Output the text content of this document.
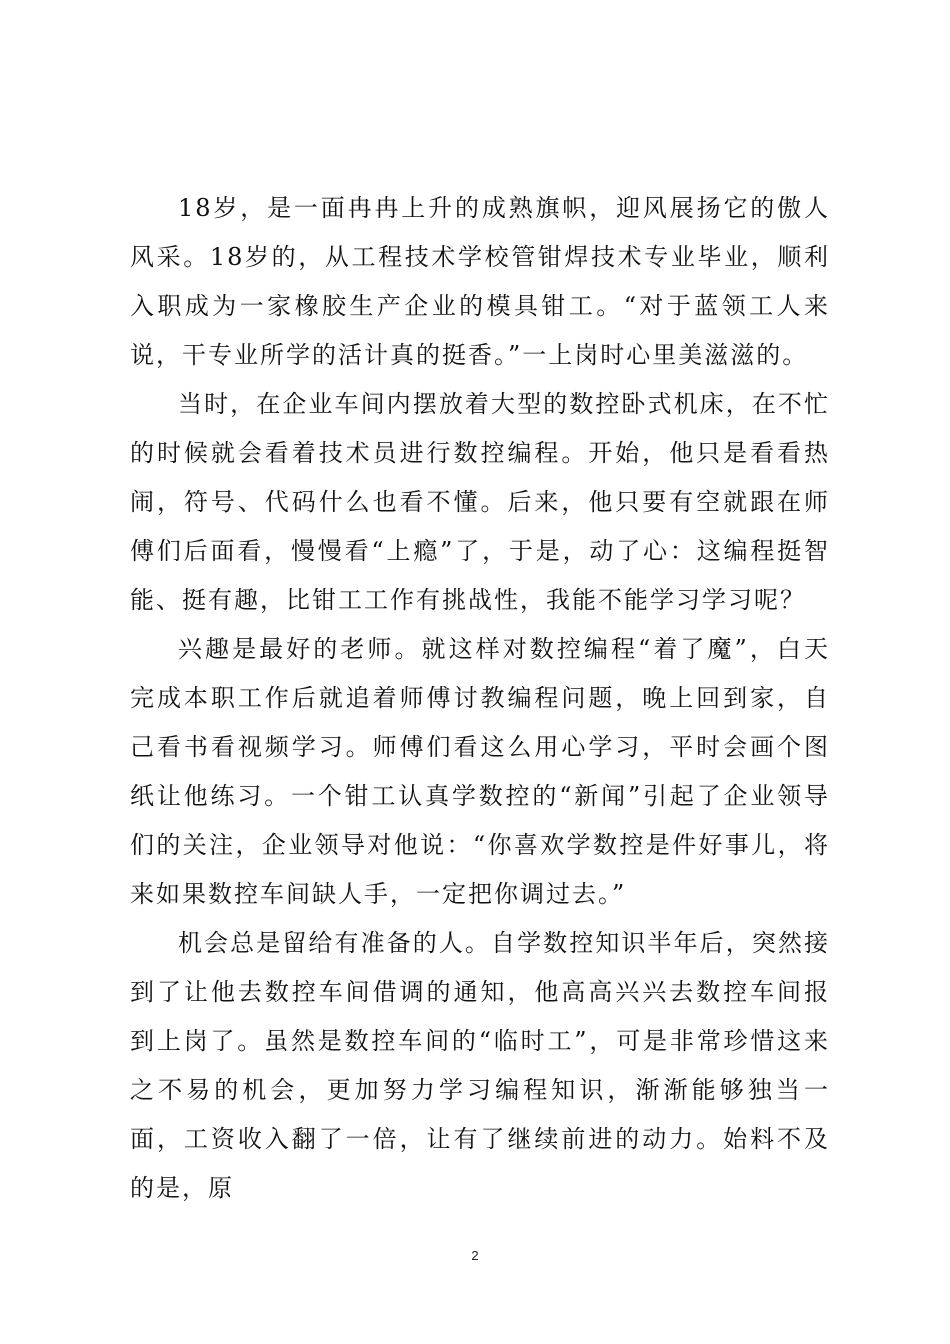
18岁，是一面冉冉上升的成熟旗帜，迎风展扬它的傲人风采。18岁的，从工程技术学校管钳焊技术专业毕业，顺利入职成为一家橡胶生产企业的模具钳工。“对于蓝领工人来说，干专业所学的活计真的挺香。”一上岗时心里美滋滋的。

当时，在企业车间内摆放着大型的数控卧式机床，在不忙的时候就会看着技术员进行数控编程。开始，他只是看看热闹，符号、代码什么也看不懂。后来，他只要有空就跟在师傅们后面看，慢慢看“上瘾”了，于是，动了心：这编程挺智能、挺有趣，比钳工工作有挑战性，我能不能学习学习呢？

兴趣是最好的老师。就这样对数控编程“着了魔”，白天完成本职工作后就追着师傅讨教编程问题，晚上回到家，自己看书看视频学习。师傅们看这么用心学习，平时会画个图纸让他练习。一个钳工认真学数控的“新闻”引起了企业领导们的关注，企业领导对他说：“你喜欢学数控是件好事儿，将来如果数控车间缺人手，一定把你调过去。”

机会总是留给有准备的人。自学数控知识半年后，突然接到了让他去数控车间借调的通知，他高高兴兴去数控车间报到上岗了。虽然是数控车间的“临时工”，可是非常珍惜这来之不易的机会，更加努力学习编程知识，渐渐能够独当一面，工资收入翻了一倍，让有了继续前进的动力。始料不及的是，原

2
